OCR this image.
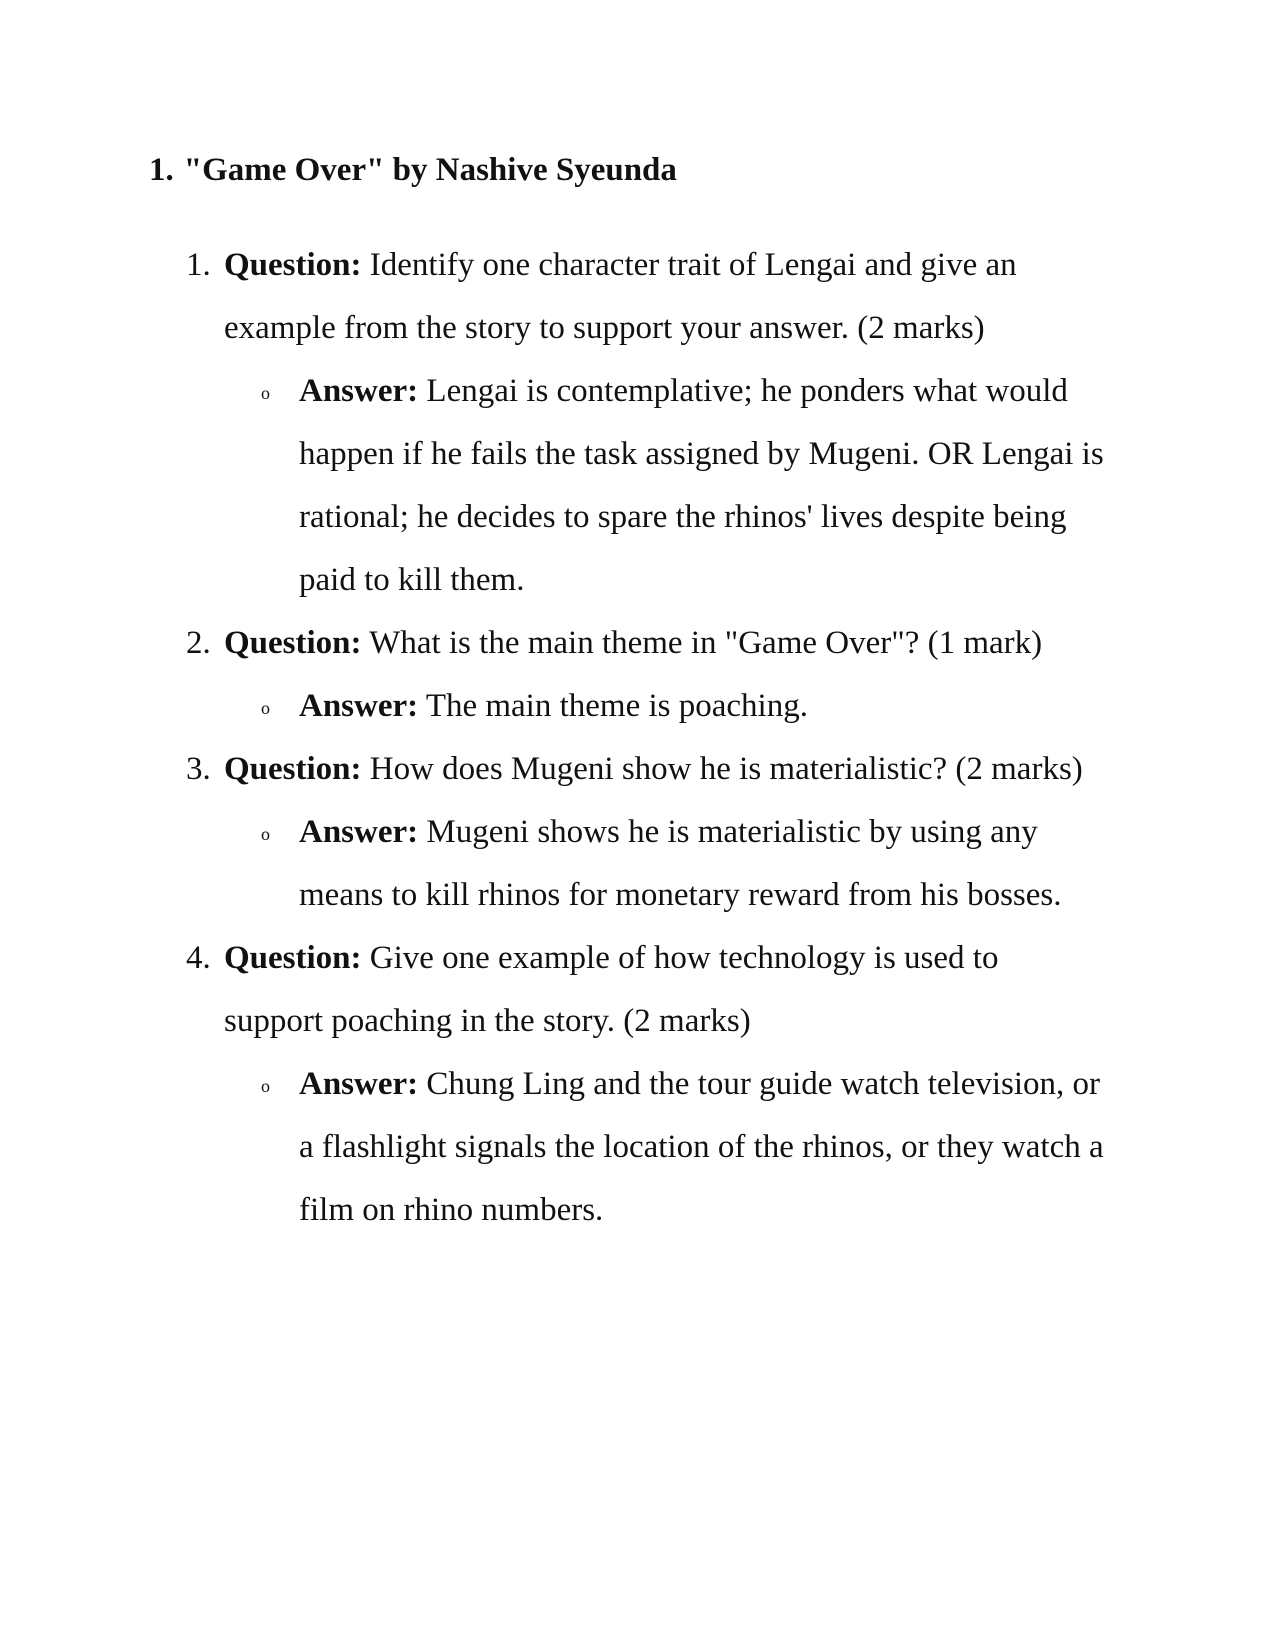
1. "Game Over" by Nashive Syeunda
1. Question: Identify one character trait of Lengai and give an example from the story to support your answer. (2 marks)
o Answer: Lengai is contemplative; he ponders what would happen if he fails the task assigned by Mugeni. OR Lengai is rational; he decides to spare the rhinos' lives despite being paid to kill them.
2. Question: What is the main theme in "Game Over"? (1 mark)
o Answer: The main theme is poaching.
3. Question: How does Mugeni show he is materialistic? (2 marks)
o Answer: Mugeni shows he is materialistic by using any means to kill rhinos for monetary reward from his bosses.
4. Question: Give one example of how technology is used to support poaching in the story. (2 marks)
o Answer: Chung Ling and the tour guide watch television, or a flashlight signals the location of the rhinos, or they watch a film on rhino numbers.
